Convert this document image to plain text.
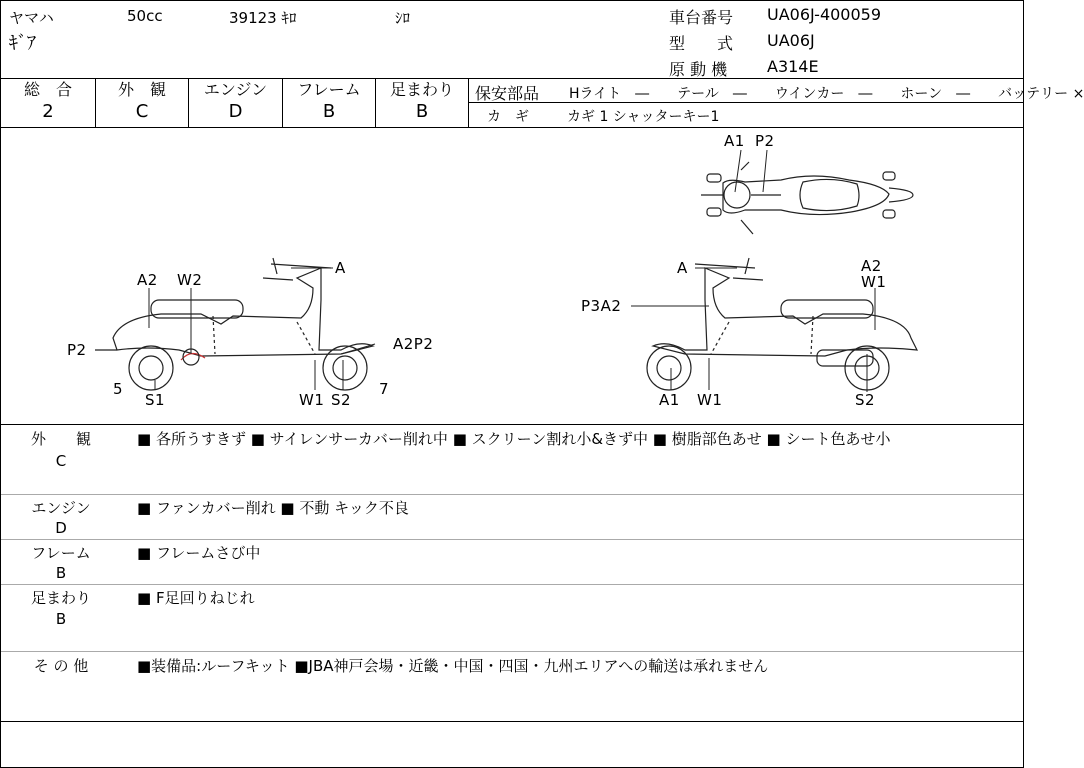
ヤマハ	50cc	39123 ｷﾛ	ｼﾛ
ｷﾞｱ
車台番号 UA06J-400059
型　　式 UA06J
原 動 機 A314E
総　合
2
外　観
C
エンジン
D
フレーム
B
足まわり
B
保安部品 Hライト　―　　テール　―　　ウインカー　―　　ホーン　―　　バッテリー ×
カ　ギ	カギ 1 シャッターキー1
A1 P2
A2 W2
A
P2	A2P2
5
S1	W1 S2
7
A	A2
W1
P3A2
A1 W1	S2
外　　観
C
■ 各所うすきず ■ サイレンサーカバー削れ中 ■ スクリーン割れ小&きず中 ■ 樹脂部色あせ ■ シート色あせ小
エンジン
D
■ ファンカバー削れ ■ 不動 キック不良
フレーム
B
■ フレームさび中
足まわり
B
■ F足回りねじれ
そ の 他	■装備品:ルーフキット ■JBA神戸会場・近畿・中国・四国・九州エリアへの輸送は承れません
